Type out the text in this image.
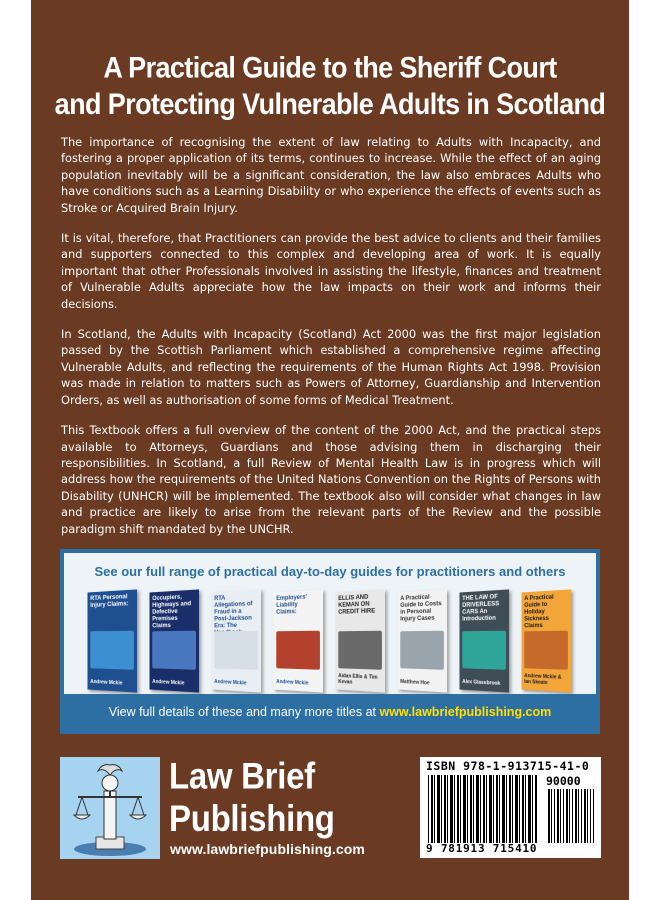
A Practical Guide to the Sheriff Court
and Protecting Vulnerable Adults in Scotland

The importance of recognising the extent of law relating to Adults with Incapacity, and fostering a proper application of its terms, continues to increase. While the effect of an aging population inevitably will be a significant consideration, the law also embraces Adults who have conditions such as a Learning Disability or who experience the effects of events such as Stroke or Acquired Brain Injury.

It is vital, therefore, that Practitioners can provide the best advice to clients and their families and supporters connected to this complex and developing area of work. It is equally important that other Professionals involved in assisting the lifestyle, finances and treatment of Vulnerable Adults appreciate how the law impacts on their work and informs their decisions.

In Scotland, the Adults with Incapacity (Scotland) Act 2000 was the first major legislation passed by the Scottish Parliament which established a comprehensive regime affecting Vulnerable Adults, and reflecting the requirements of the Human Rights Act 1998. Provision was made in relation to matters such as Powers of Attorney, Guardianship and Intervention Orders, as well as authorisation of some forms of Medical Treatment.

This Textbook offers a full overview of the content of the 2000 Act, and the practical steps available to Attorneys, Guardians and those advising them in discharging their responsibilities. In Scotland, a full Review of Mental Health Law is in progress which will address how the requirements of the United Nations Convention on the Rights of Persons with Disability (UNHCR) will be implemented. The textbook also will consider what changes in law and practice are likely to arise from the relevant parts of the Review and the possible paradigm shift mandated by the UNCHR.

See our full range of practical day-to-day guides for practitioners and others
RTA Personal Injury Claims:
Andrew Mckie
Occupiers, Highways and Defective Premises Claims
Andrew Mckie
RTA Allegations of Fraud in a Post-Jackson Era: The
Andrew Mckie
Employers' Liability Claims:
Andrew Mckie
ELLIS AND KEMAN ON CREDIT HIRE
Aidan Ellis & Tim Kevan
A Practical Guide to Costs in Personal Injury Cases
Matthew Hoe
THE LAW OF DRIVERLESS CARS An Introduction
Alex Glassbrook
A Practical Guide to Holiday Sickness Claims
Andrew Mckie & Ian Skeate
View full details of these and many more titles at www.lawbriefpublishing.com
Law Brief
Publishing
www.lawbriefpublishing.com
ISBN 978-1-913715-41-0
90000
9 781913 715410
